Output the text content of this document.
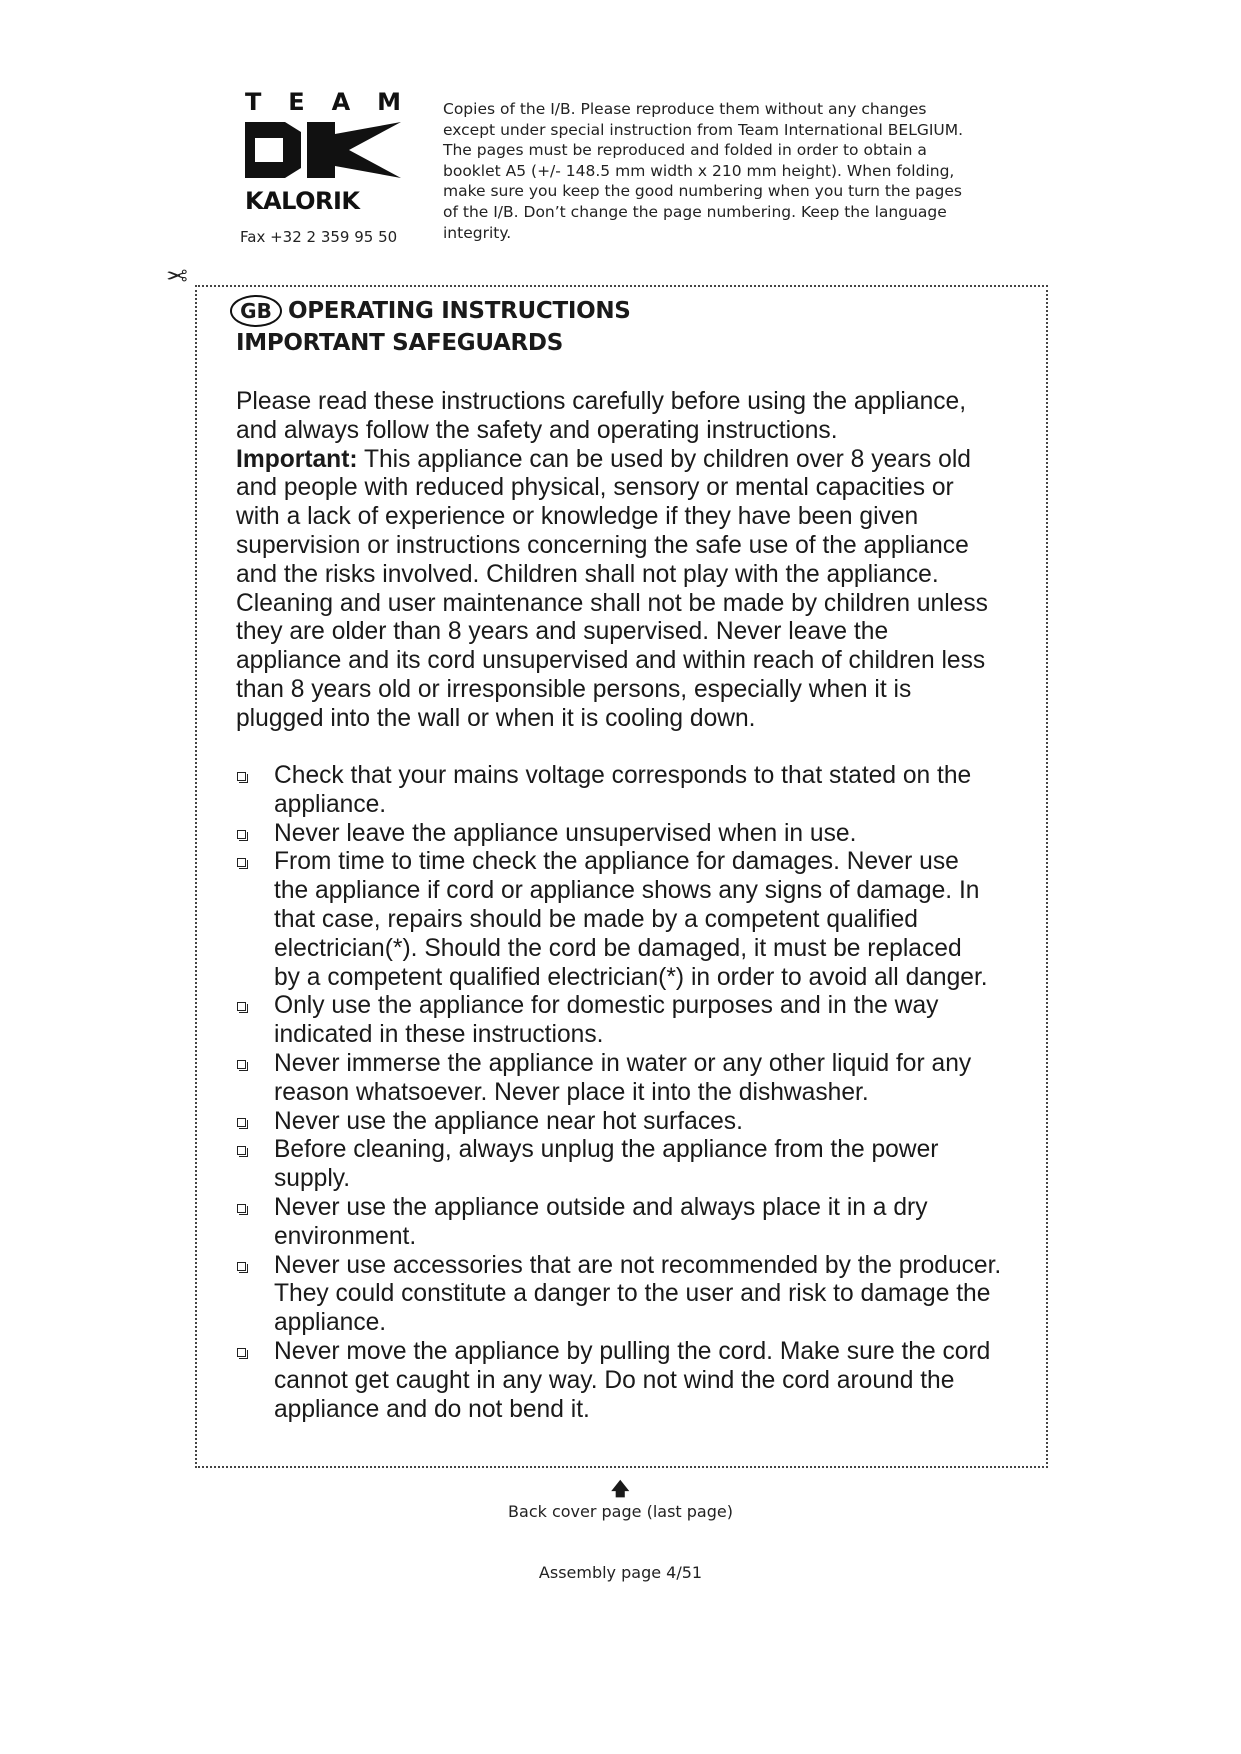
T E A M
KALORIK
Fax +32 2 359 95 50
Copies of the I/B. Please reproduce them without any changes
except under special instruction from Team International BELGIUM.
The pages must be reproduced and folded in order to obtain a
booklet A5 (+/- 148.5 mm width x 210 mm height). When folding,
make sure you keep the good numbering when you turn the pages
of the I/B. Don’t change the page numbering. Keep the language
integrity.
✂
GB OPERATING INSTRUCTIONS
IMPORTANT SAFEGUARDS

Please read these instructions carefully before using the appliance,
and always follow the safety and operating instructions.

Important: This appliance can be used by children over 8 years old
and people with reduced physical, sensory or mental capacities or
with a lack of experience or knowledge if they have been given
supervision or instructions concerning the safe use of the appliance
and the risks involved. Children shall not play with the appliance.
Cleaning and user maintenance shall not be made by children unless
they are older than 8 years and supervised. Never leave the
appliance and its cord unsupervised and within reach of children less
than 8 years old or irresponsible persons, especially when it is
plugged into the wall or when it is cooling down.

Check that your mains voltage corresponds to that stated on the
appliance.
Never leave the appliance unsupervised when in use.
From time to time check the appliance for damages. Never use
the appliance if cord or appliance shows any signs of damage. In
that case, repairs should be made by a competent qualified
electrician(*). Should the cord be damaged, it must be replaced
by a competent qualified electrician(*) in order to avoid all danger.
Only use the appliance for domestic purposes and in the way
indicated in these instructions.
Never immerse the appliance in water or any other liquid for any
reason whatsoever. Never place it into the dishwasher.
Never use the appliance near hot surfaces.
Before cleaning, always unplug the appliance from the power
supply.
Never use the appliance outside and always place it in a dry
environment.
Never use accessories that are not recommended by the producer.
They could constitute a danger to the user and risk to damage the
appliance.
Never move the appliance by pulling the cord. Make sure the cord
cannot get caught in any way. Do not wind the cord around the
appliance and do not bend it.
🡅
Back cover page (last page)
Assembly page 4/51
